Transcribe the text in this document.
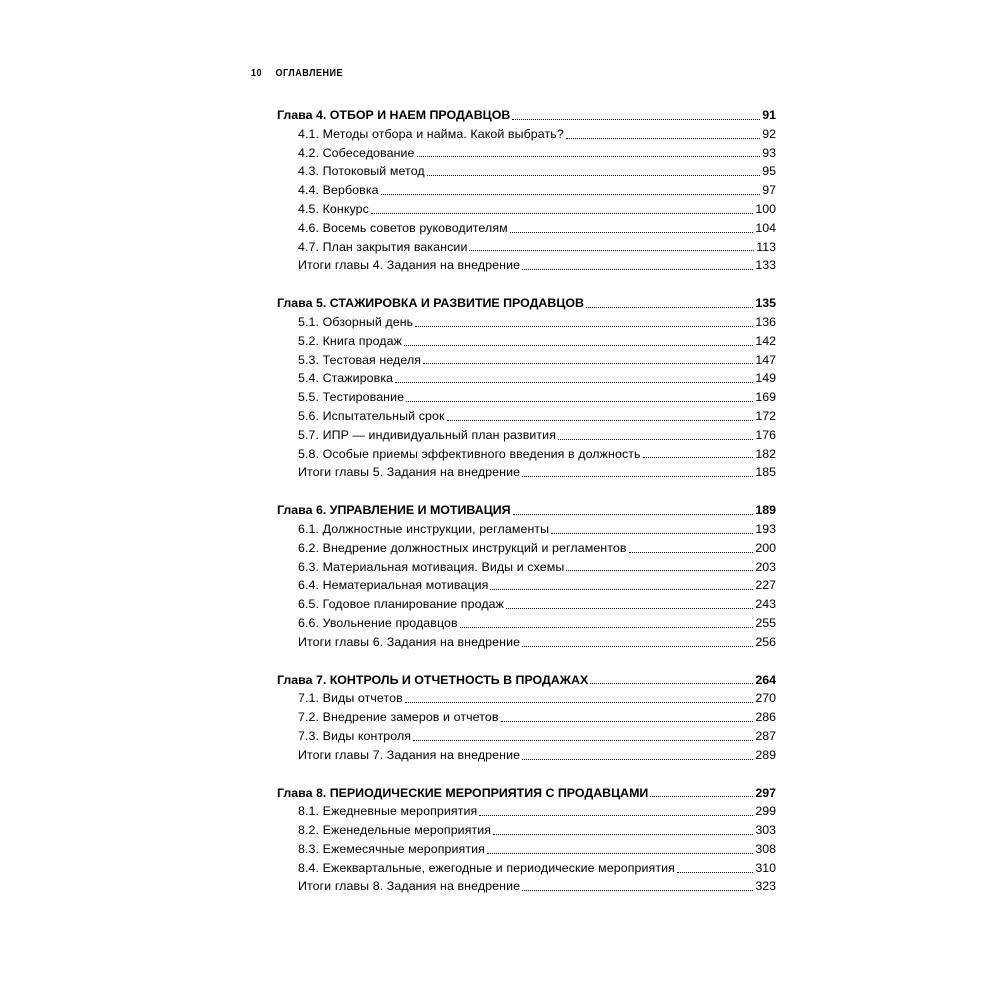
10 ОГЛАВЛЕНИЕ
Глава 4. ОТБОР И НАЕМ ПРОДАВЦОВ	91
4.1. Методы отбора и найма. Какой выбрать?	92
4.2. Собеседование	93
4.3. Потоковый метод	95
4.4. Вербовка	97
4.5. Конкурс	100
4.6. Восемь советов руководителям	104
4.7. План закрытия вакансии	113
Итоги главы 4. Задания на внедрение	133
Глава 5. СТАЖИРОВКА И РАЗВИТИЕ ПРОДАВЦОВ	135
5.1. Обзорный день	136
5.2. Книга продаж	142
5.3. Тестовая неделя	147
5.4. Стажировка	149
5.5. Тестирование	169
5.6. Испытательный срок	172
5.7. ИПР — индивидуальный план развития	176
5.8. Особые приемы эффективного введения в должность	182
Итоги главы 5. Задания на внедрение	185
Глава 6. УПРАВЛЕНИЕ И МОТИВАЦИЯ	189
6.1. Должностные инструкции, регламенты	193
6.2. Внедрение должностных инструкций и регламентов	200
6.3. Материальная мотивация. Виды и схемы	203
6.4. Нематериальная мотивация	227
6.5. Годовое планирование продаж	243
6.6. Увольнение продавцов	255
Итоги главы 6. Задания на внедрение	256
Глава 7. КОНТРОЛЬ И ОТЧЕТНОСТЬ В ПРОДАЖАХ	264
7.1. Виды отчетов	270
7.2. Внедрение замеров и отчетов	286
7.3. Виды контроля	287
Итоги главы 7. Задания на внедрение	289
Глава 8. ПЕРИОДИЧЕСКИЕ МЕРОПРИЯТИЯ С ПРОДАВЦАМИ	297
8.1. Ежедневные мероприятия	299
8.2. Еженедельные мероприятия	303
8.3. Ежемесячные мероприятия	308
8.4. Ежеквартальные, ежегодные и периодические мероприятия	310
Итоги главы 8. Задания на внедрение	323
